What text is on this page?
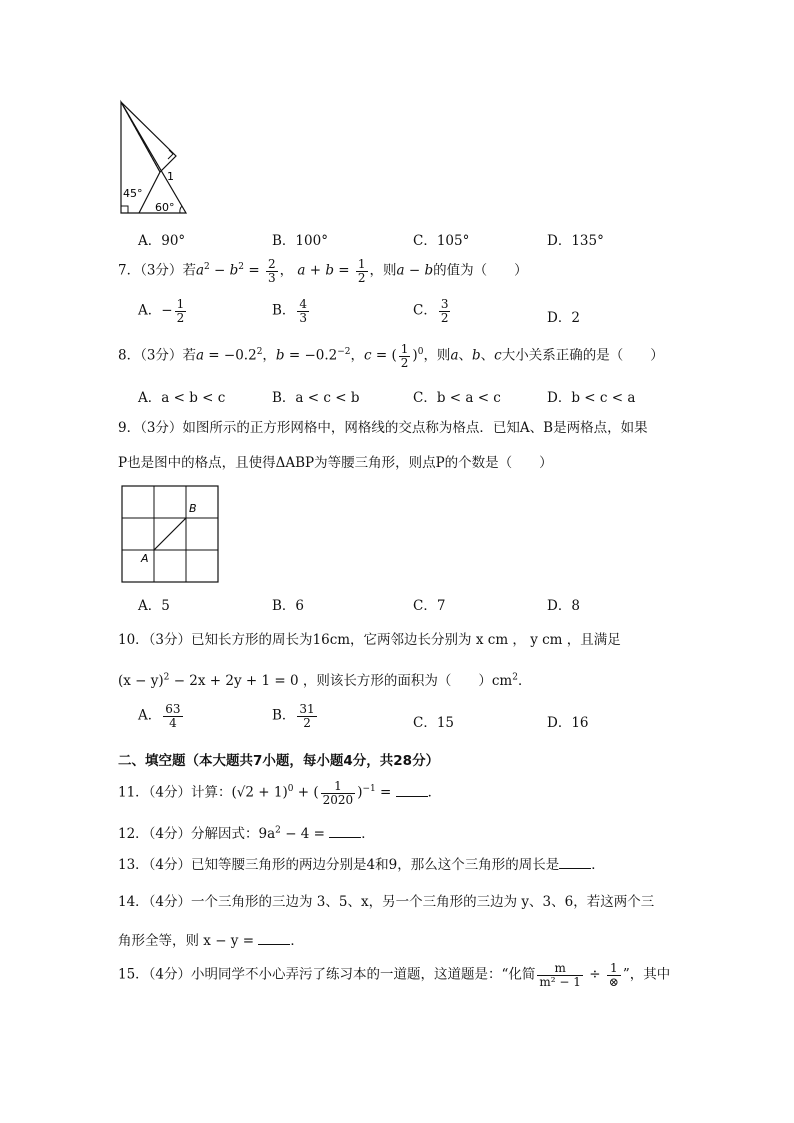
45°
60°
1
A．90°	B．100°	C．105°	D．135°
7．（3分）若$a^2 - b^2 = \frac{2}{3}$ ， $a + b = \frac{1}{2}$ ，则a − b的值为（　　）
A．− $\frac{1}{2}$	B． $\frac{4}{3}$	C． $\frac{3}{2}$	D．2
8．（3分）若$a = -0.2^2$，$b = -0.2^{-2}$，c = ( $\frac{1}{2} )^0$，则a、b、c大小关系正确的是（　　）
A．a < b < c	B．a < c < b	C．b < a < c	D．b < c < a
9．（3分）如图所示的正方形网格中，网格线的交点称为格点．已知A、B是两格点，如果
P也是图中的格点，且使得ΔABP为等腰三角形，则点P的个数是（　　）
B
A
A．5	B．6	C．7	D．8
10．（3分）已知长方形的周长为16cm，它两邻边长分别为 x cm ， y cm ，且满足
$(x - y)^2 - 2x + 2y + 1 = 0$ ，则该长方形的面积为（　　）$cm^2$．
A． $\frac{63}{4}$	B． $\frac{31}{2}$	C．15	D．16
二、填空题（本大题共7小题，每小题4分，共28分）
11．（4分）计算：$(√2 + 1)^0$ + ( $\frac{1}{2020} )^{-1}$ = ．
12．（4分）分解因式：$9a^2 - 4$ = ．
13．（4分）已知等腰三角形的两边分别是4和9，那么这个三角形的周长是 ．
14．（4分）一个三角形的三边为 3、5、x，另一个三角形的三边为 y、3、6，若这两个三
角形全等，则 x − y = ．
15．（4分）小明同学不小心弄污了练习本的一道题，这道题是：“化简 $\frac{m}{\text{m² − 1}} \div \frac{1}{\otimes}$ ”，其中
